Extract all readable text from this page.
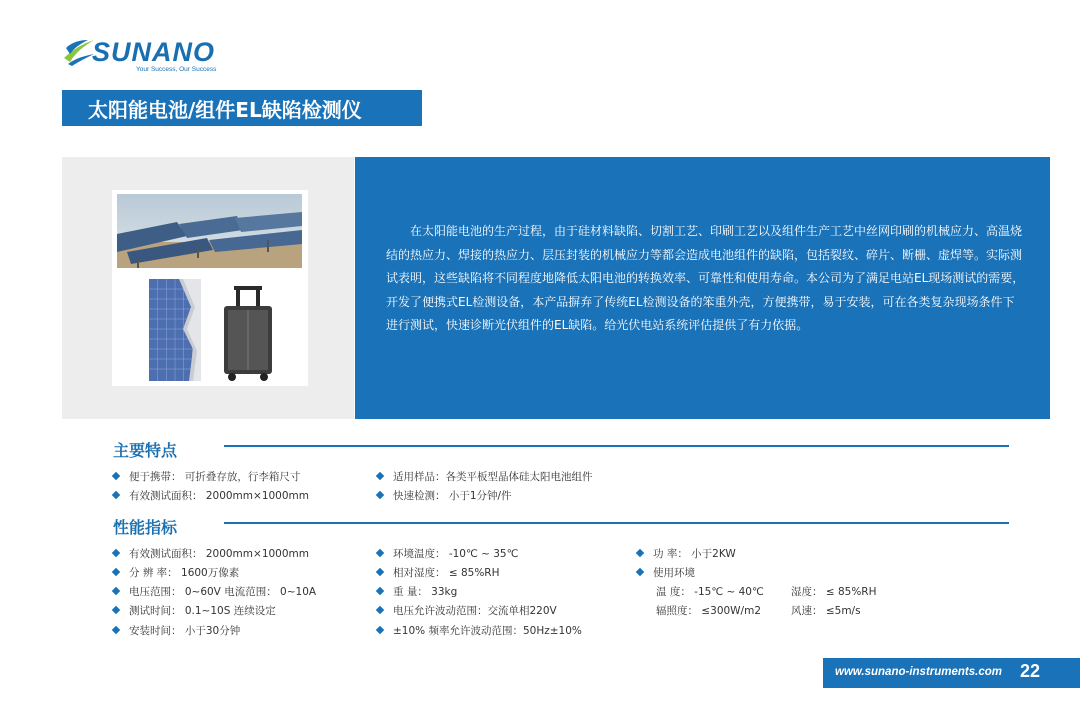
SUNANO
Your Success, Our Success
太阳能电池/组件EL缺陷检测仪
在太阳能电池的生产过程，由于硅材料缺陷、切割工艺、印刷工艺以及组件生产工艺中丝网印刷的机械应力、高温烧结的热应力、焊接的热应力、层压封装的机械应力等都会造成电池组件的缺陷，包括裂纹、碎片、断栅、虚焊等。实际测试表明，这些缺陷将不同程度地降低太阳电池的转换效率、可靠性和使用寿命。本公司为了满足电站EL现场测试的需要，开发了便携式EL检测设备，本产品摒弃了传统EL检测设备的笨重外壳，方便携带，易于安装，可在各类复杂现场条件下进行测试，快速诊断光伏组件的EL缺陷。给光伏电站系统评估提供了有力依据。
主要特点
便于携带： 可折叠存放，行李箱尺寸
有效测试面积： 2000mm×1000mm
适用样品：各类平板型晶体硅太阳电池组件
快速检测： 小于1分钟/件
性能指标
有效测试面积： 2000mm×1000mm
分 辨 率： 1600万像素
电压范围： 0~60V 电流范围： 0~10A
测试时间： 0.1~10S 连续设定
安装时间： 小于30分钟
环境温度： -10℃ ~ 35℃
相对湿度： ≤ 85%RH
重 量： 33kg
电压允许波动范围：交流单相220V
±10% 频率允许波动范围：50Hz±10%
功 率： 小于2KW
使用环境
温 度： -15℃ ~ 40℃	湿度： ≤ 85%RH
辐照度： ≤300W/m2	风速： ≤5m/s
www.sunano-instruments.com 22
